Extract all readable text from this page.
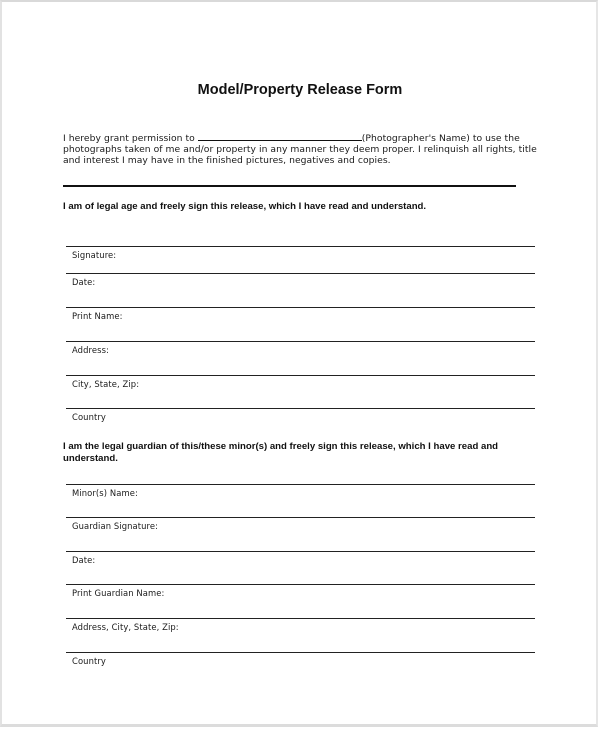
Model/Property Release Form
I hereby grant permission to	(Photographer's Name) to use the photographs taken of me and/or property in any manner they deem proper. I relinquish all rights, title and interest I may have in the finished pictures, negatives and copies.
I am of legal age and freely sign this release, which I have read and understand.
Signature:
Date:
Print Name:
Address:
City, State, Zip:
Country
I am the legal guardian of this/these minor(s) and freely sign this release, which I have read and understand.
Minor(s) Name:
Guardian Signature:
Date:
Print Guardian Name:
Address, City, State, Zip:
Country
